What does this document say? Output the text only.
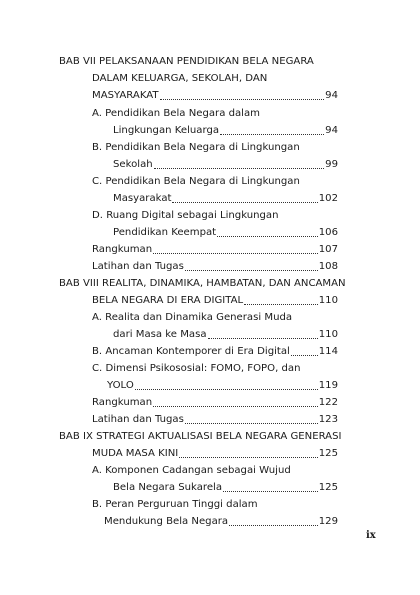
BAB VII PELAKSANAAN PENDIDIKAN BELA NEGARA
DALAM KELUARGA, SEKOLAH, DAN
MASYARAKAT	94
A. Pendidikan Bela Negara dalam
Lingkungan Keluarga	94
B. Pendidikan Bela Negara di Lingkungan
Sekolah	99
C. Pendidikan Bela Negara di Lingkungan
Masyarakat	102
D. Ruang Digital sebagai Lingkungan
Pendidikan Keempat	106
Rangkuman	107
Latihan dan Tugas	108
BAB VIII REALITA, DINAMIKA, HAMBATAN, DAN ANCAMAN
BELA NEGARA DI ERA DIGITAL	110
A. Realita dan Dinamika Generasi Muda
dari Masa ke Masa	110
B. Ancaman Kontemporer di Era Digital	114
C. Dimensi Psikososial: FOMO, FOPO, dan
YOLO	119
Rangkuman	122
Latihan dan Tugas	123
BAB IX STRATEGI AKTUALISASI BELA NEGARA GENERASI
MUDA MASA KINI	125
A. Komponen Cadangan sebagai Wujud
Bela Negara Sukarela	125
B. Peran Perguruan Tinggi dalam
Mendukung Bela Negara	129
ix
